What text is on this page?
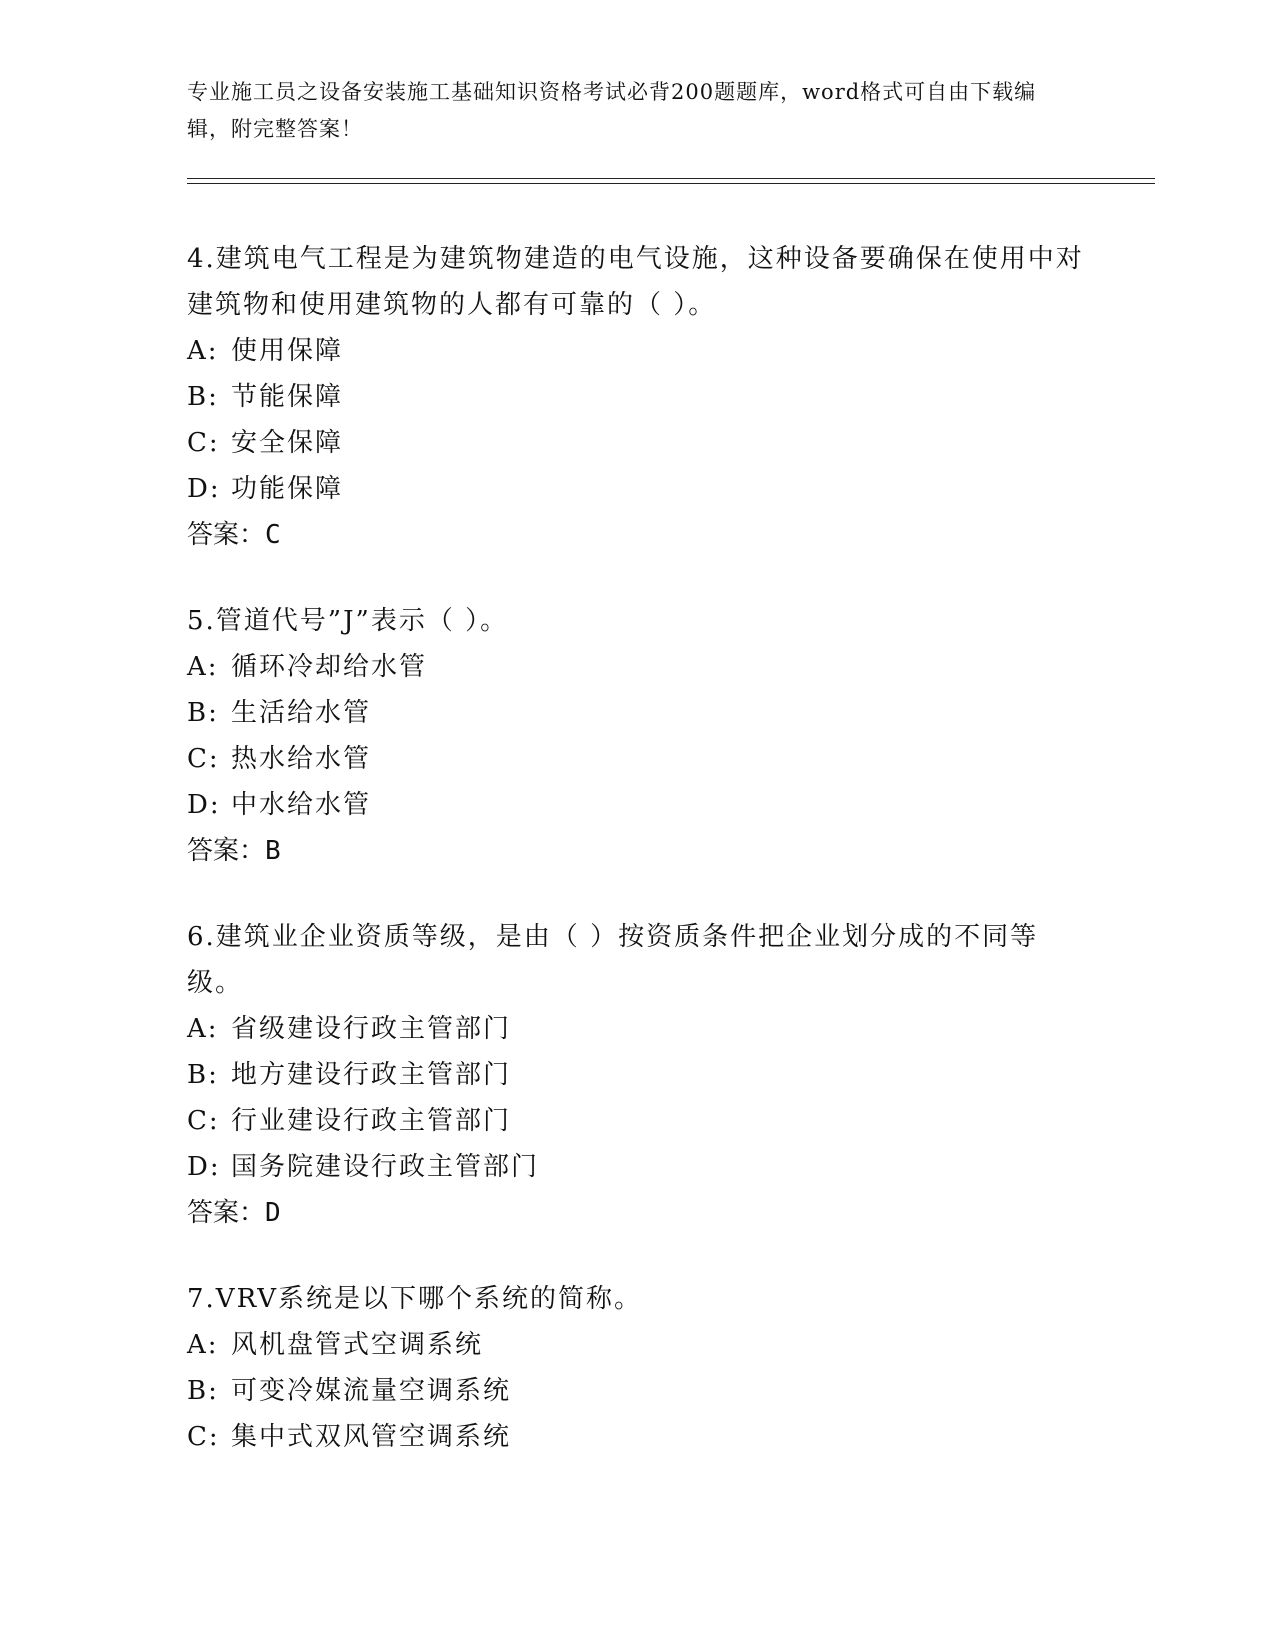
专业施工员之设备安装施工基础知识资格考试必背200题题库，word格式可自由下载编辑，附完整答案！
4.建筑电气工程是为建筑物建造的电气设施，这种设备要确保在使用中对建筑物和使用建筑物的人都有可靠的（ ）。
A: 使用保障
B: 节能保障
C: 安全保障
D: 功能保障
答案：C
5.管道代号”J”表示（ ）。
A: 循环冷却给水管
B: 生活给水管
C: 热水给水管
D: 中水给水管
答案：B
6.建筑业企业资质等级，是由（ ）按资质条件把企业划分成的不同等级。
A: 省级建设行政主管部门
B: 地方建设行政主管部门
C: 行业建设行政主管部门
D: 国务院建设行政主管部门
答案：D
7.VRV系统是以下哪个系统的简称。
A: 风机盘管式空调系统
B: 可变冷媒流量空调系统
C: 集中式双风管空调系统
